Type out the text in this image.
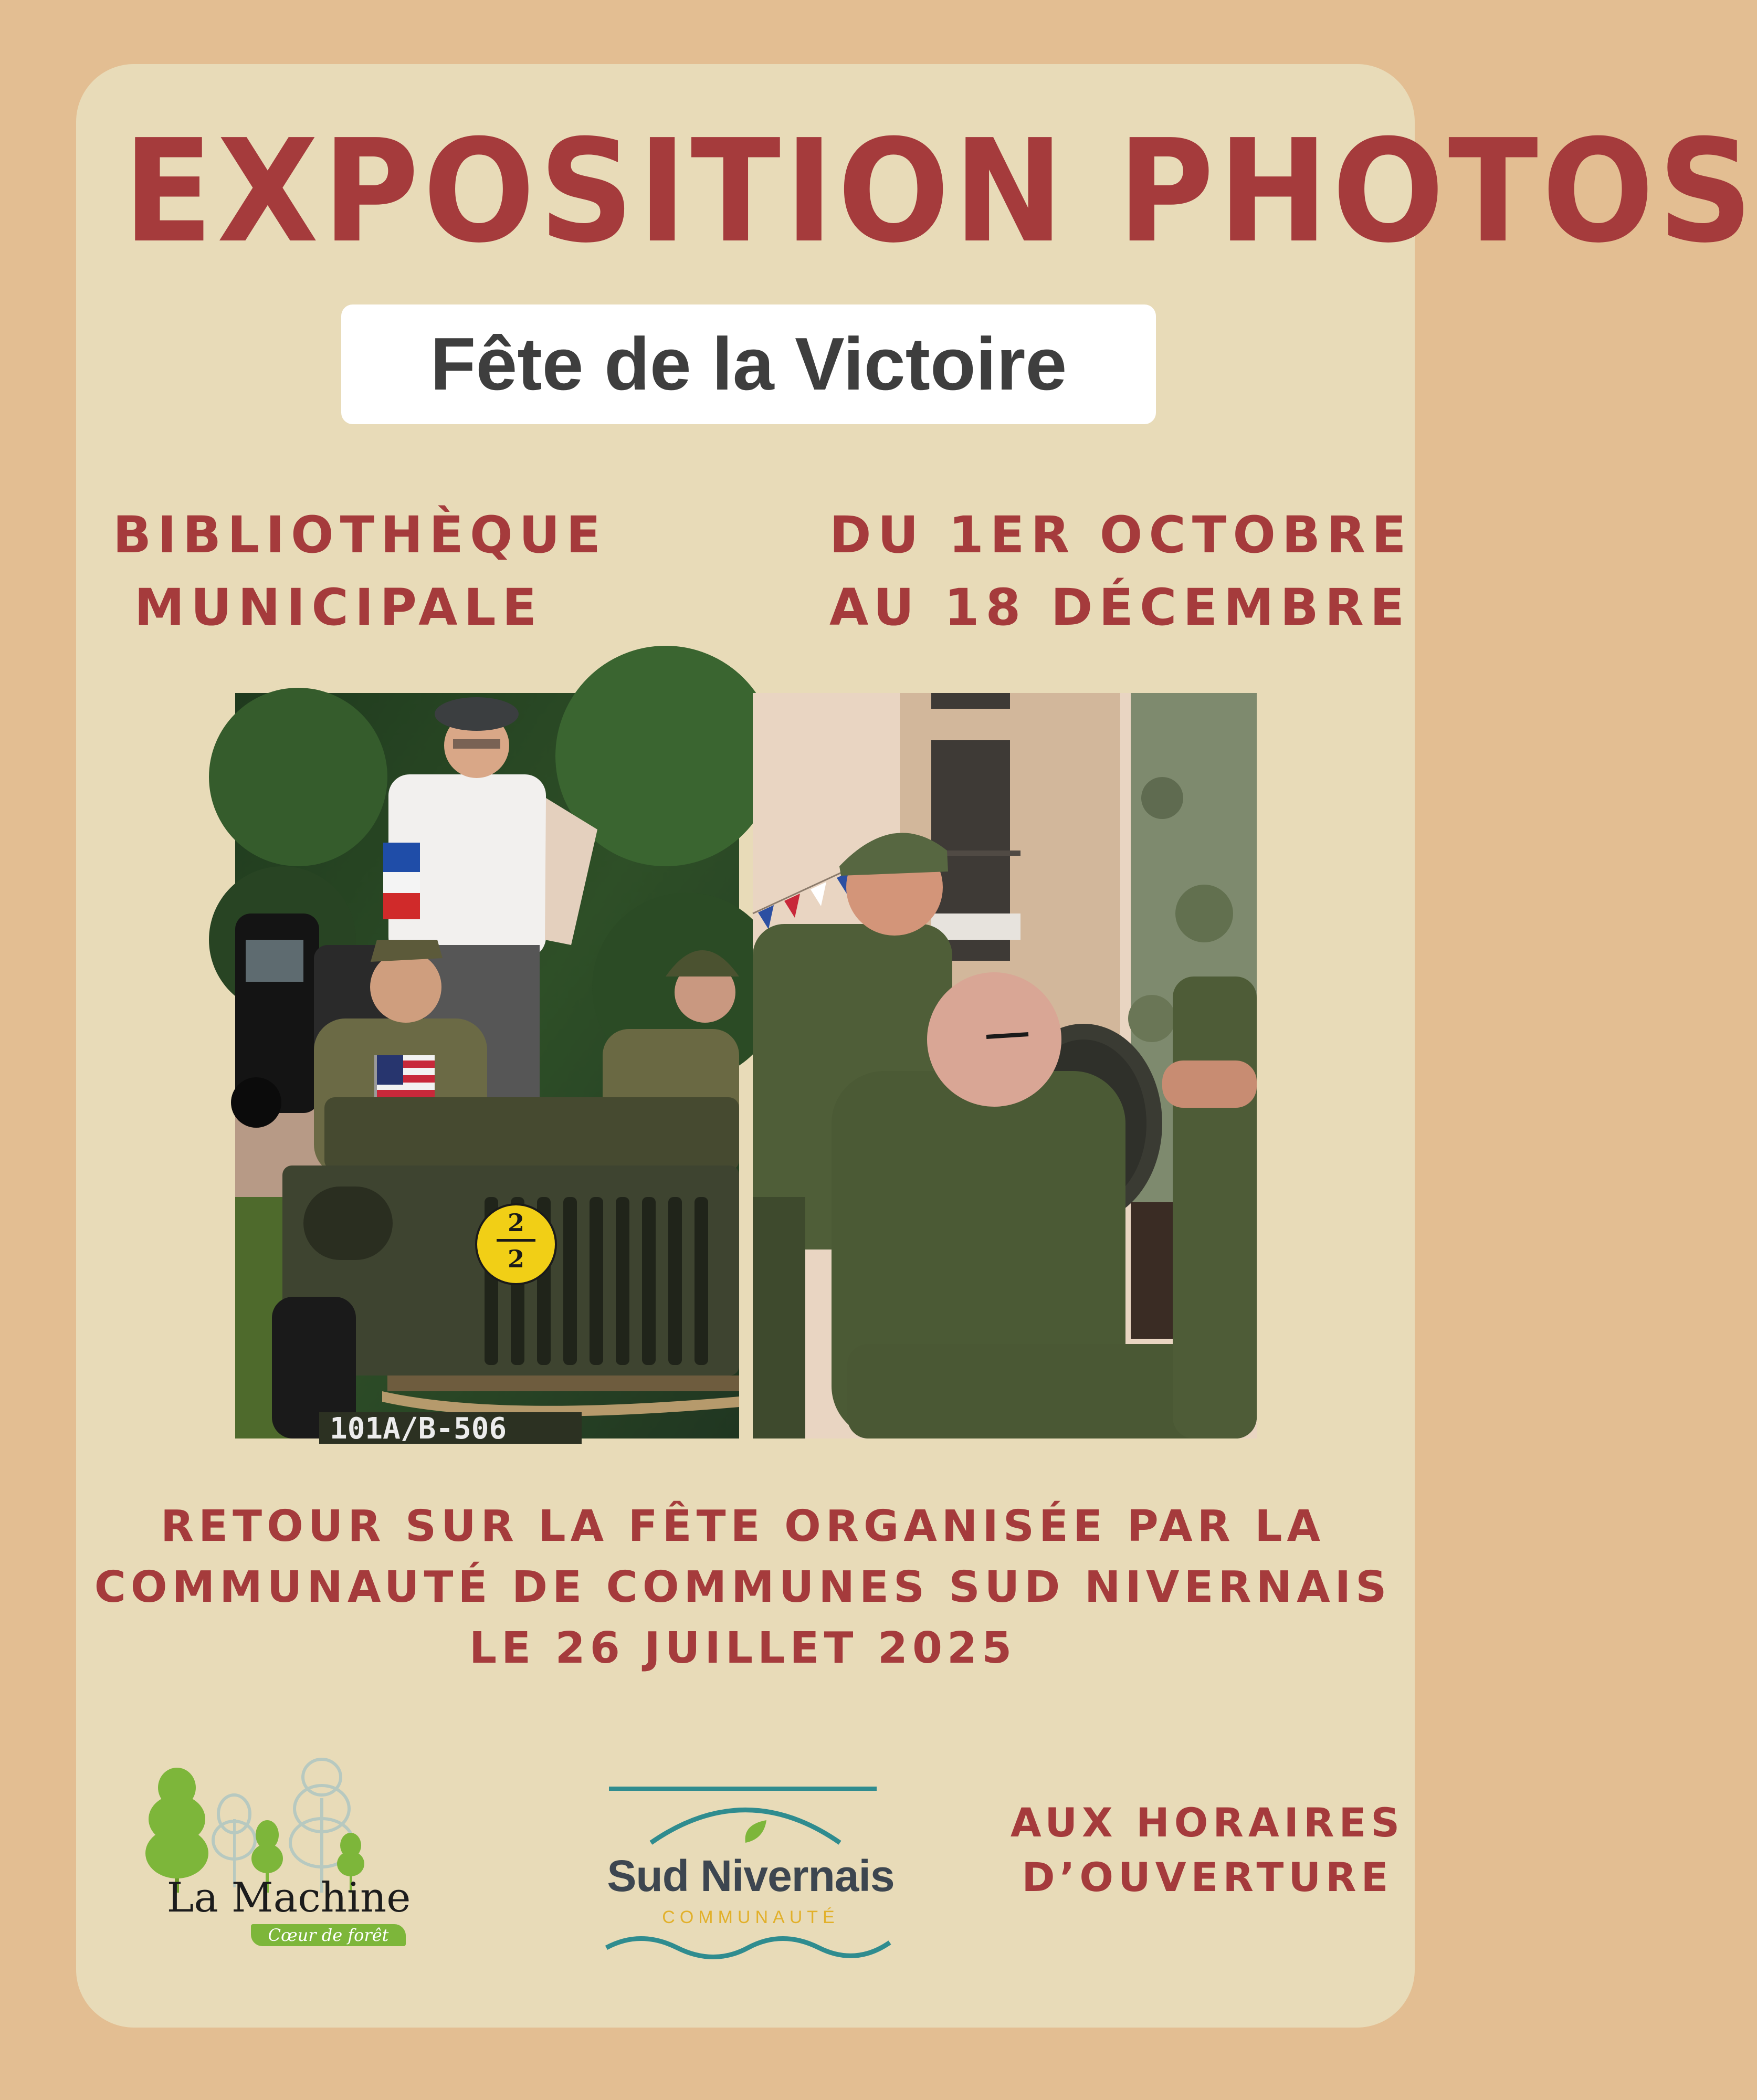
EXPOSITION PHOTOS
Fête de la Victoire
BIBLIOTHÈQUE
MUNICIPALE
DU 1ER OCTOBRE
AU 18 DÉCEMBRE
2
2
101A/B-506
RETOUR SUR LA FÊTE ORGANISÉE PAR LA
COMMUNAUTÉ DE COMMUNES SUD NIVERNAIS
LE 26 JUILLET 2025
La Machine
Cœur de forêt
Sud Nivernais
COMMUNAUTÉ
AUX HORAIRES
D’OUVERTURE
